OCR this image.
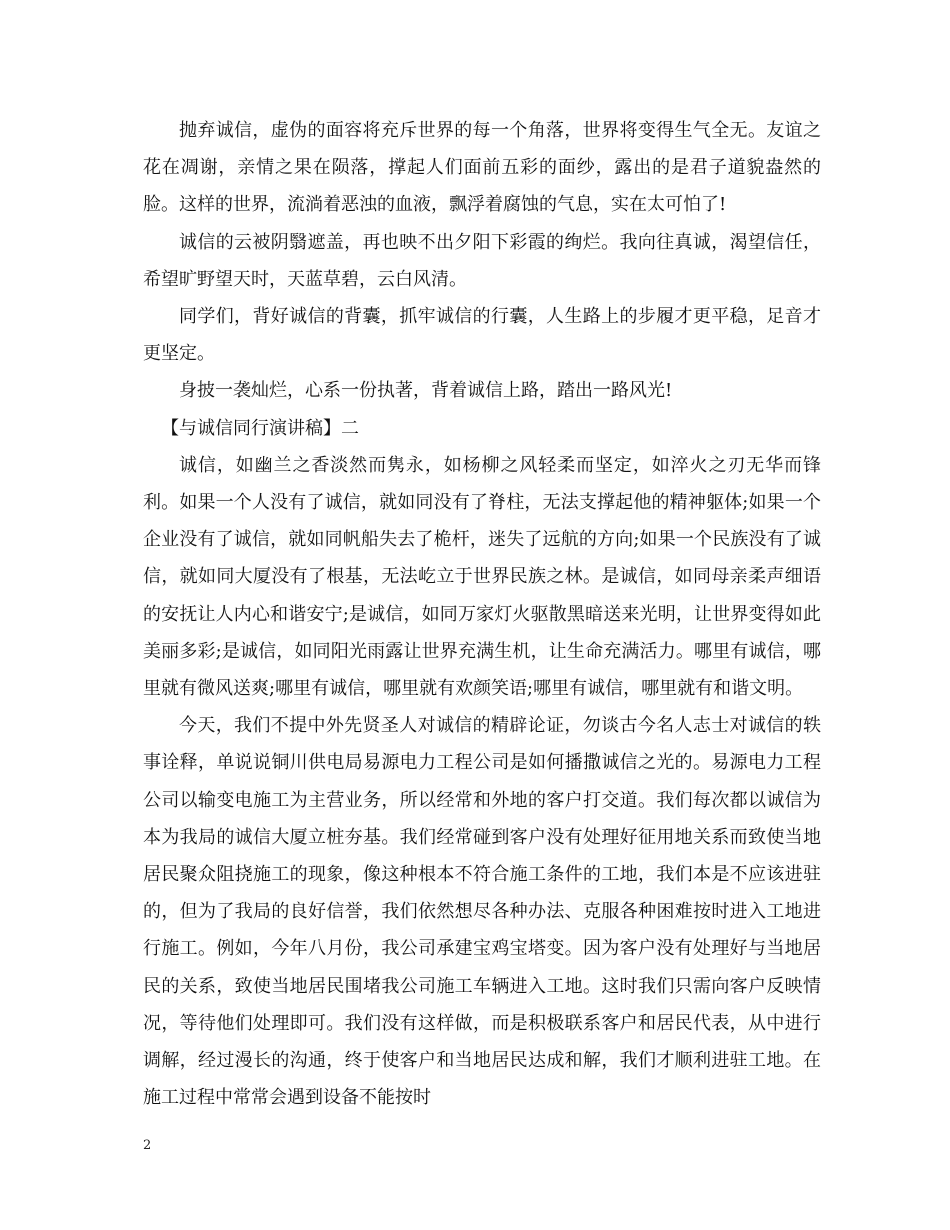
抛弃诚信，虚伪的面容将充斥世界的每一个角落，世界将变得生气全无。友谊之花在凋谢，亲情之果在陨落，撑起人们面前五彩的面纱，露出的是君子道貌盎然的脸。这样的世界，流淌着恶浊的血液，飘浮着腐蚀的气息，实在太可怕了!

诚信的云被阴翳遮盖，再也映不出夕阳下彩霞的绚烂。我向往真诚，渴望信任，希望旷野望天时，天蓝草碧，云白风清。

同学们，背好诚信的背囊，抓牢诚信的行囊，人生路上的步履才更平稳，足音才更坚定。

身披一袭灿烂，心系一份执著，背着诚信上路，踏出一路风光!

【与诚信同行演讲稿】二

诚信，如幽兰之香淡然而隽永，如杨柳之风轻柔而坚定，如淬火之刃无华而锋利。如果一个人没有了诚信，就如同没有了脊柱，无法支撑起他的精神躯体;如果一个企业没有了诚信，就如同帆船失去了桅杆，迷失了远航的方向;如果一个民族没有了诚信，就如同大厦没有了根基，无法屹立于世界民族之林。是诚信，如同母亲柔声细语的安抚让人内心和谐安宁;是诚信，如同万家灯火驱散黑暗送来光明，让世界变得如此美丽多彩;是诚信，如同阳光雨露让世界充满生机，让生命充满活力。哪里有诚信，哪里就有微风送爽;哪里有诚信，哪里就有欢颜笑语;哪里有诚信，哪里就有和谐文明。

今天，我们不提中外先贤圣人对诚信的精辟论证，勿谈古今名人志士对诚信的轶事诠释，单说说铜川供电局易源电力工程公司是如何播撒诚信之光的。易源电力工程公司以输变电施工为主营业务，所以经常和外地的客户打交道。我们每次都以诚信为本为我局的诚信大厦立桩夯基。我们经常碰到客户没有处理好征用地关系而致使当地居民聚众阻挠施工的现象，像这种根本不符合施工条件的工地，我们本是不应该进驻的，但为了我局的良好信誉，我们依然想尽各种办法、克服各种困难按时进入工地进行施工。例如，今年八月份，我公司承建宝鸡宝塔变。因为客户没有处理好与当地居民的关系，致使当地居民围堵我公司施工车辆进入工地。这时我们只需向客户反映情况，等待他们处理即可。我们没有这样做，而是积极联系客户和居民代表，从中进行调解，经过漫长的沟通，终于使客户和当地居民达成和解，我们才顺利进驻工地。在施工过程中常常会遇到设备不能按时

2
